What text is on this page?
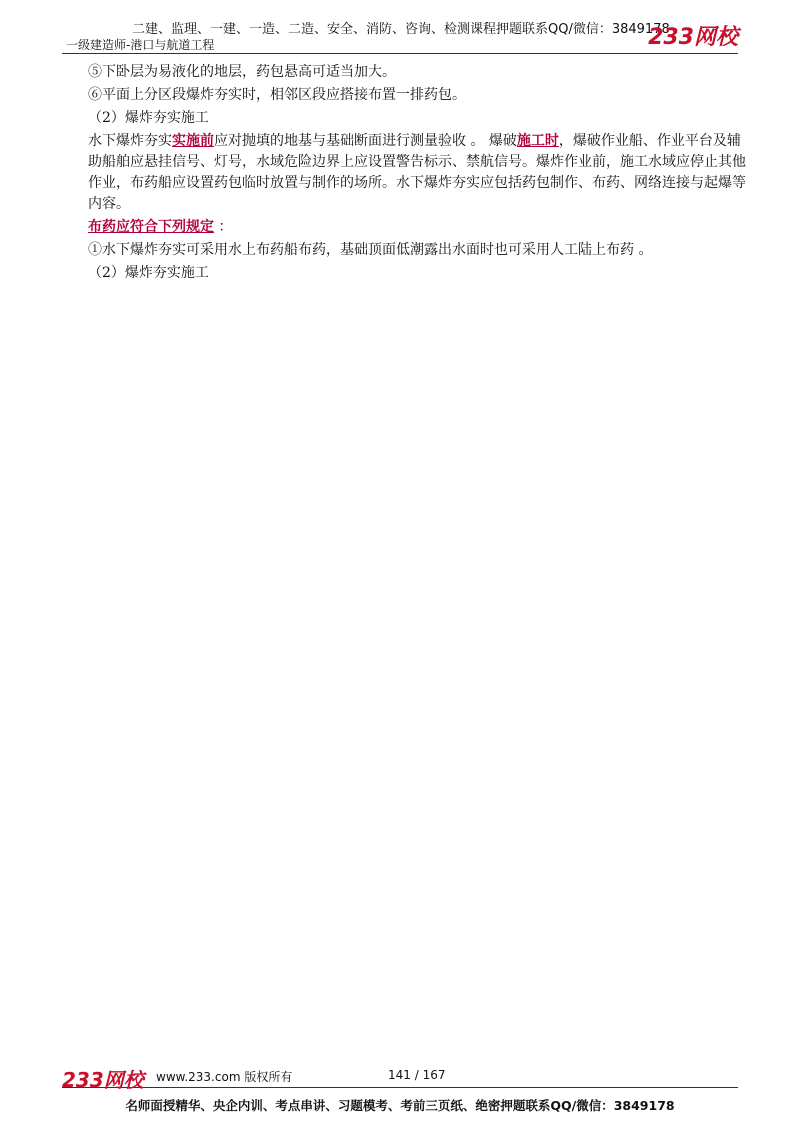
二建、监理、一建、一造、二造、安全、消防、咨询、检测课程押题联系QQ/微信：3849178
一级建造师-港口与航道工程	233网校

⑤下卧层为易液化的地层，药包悬高可适当加大。

⑥平面上分区段爆炸夯实时，相邻区段应搭接布置一排药包。

（2）爆炸夯实施工

水下爆炸夯实实施前应对抛填的地基与基础断面进行测量验收 。 爆破施工时，爆破作业船、作业平台及辅助船舶应悬挂信号、灯号，水域危险边界上应设置警告标示、禁航信号。爆炸作业前，施工水域应停止其他作业，布药船应设置药包临时放置与制作的场所。水下爆炸夯实应包括药包制作、布药、网络连接与起爆等内容。

布药应符合下列规定 ：

①水下爆炸夯实可采用水上布药船布药，基础顶面低潮露出水面时也可采用人工陆上布药 。

（2）爆炸夯实施工

233网校 www.233.com 版权所有	141 / 167
名师面授精华、央企内训、考点串讲、习题模考、考前三页纸、绝密押题联系QQ/微信：3849178
